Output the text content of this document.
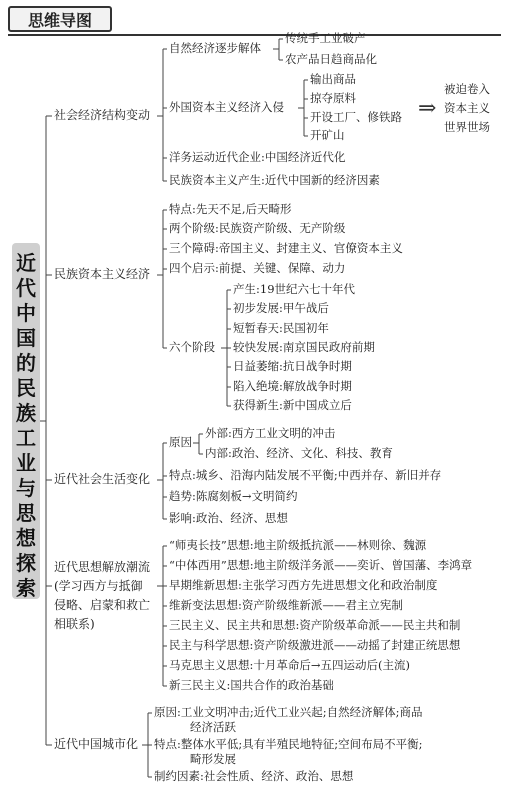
思维导图
近
代
中
国
的
民
族
工
业
与
思
想
探
索
社会经济结构变动
自然经济逐步解体
传统手工业破产
农产品日趋商品化
外国资本主义经济入侵
输出商品
掠夺原料
开设工厂、修铁路
开矿山
⇒
被迫卷入
资本主义
世界世场
洋务运动近代企业:中国经济近代化
民族资本主义产生:近代中国新的经济因素
民族资本主义经济
特点:先天不足,后天畸形
两个阶级:民族资产阶级、无产阶级
三个障碍:帝国主义、封建主义、官僚资本主义
四个启示:前提、关键、保障、动力
六个阶段
产生:19世纪六七十年代
初步发展:甲午战后
短暂春天:民国初年
较快发展:南京国民政府前期
日益萎缩:抗日战争时期
陷入绝境:解放战争时期
获得新生:新中国成立后
近代社会生活变化
原因
外部:西方工业文明的冲击
内部:政治、经济、文化、科技、教育
特点:城乡、沿海内陆发展不平衡;中西并存、新旧并存
趋势:陈腐刻板→文明简约
影响:政治、经济、思想
近代思想解放潮流
(学习西方与抵御
侵略、启蒙和救亡
相联系)
“师夷长技”思想:地主阶级抵抗派——林则徐、魏源
“中体西用”思想:地主阶级洋务派——奕䜣、曾国藩、李鸿章
早期维新思想:主张学习西方先进思想文化和政治制度
维新变法思想:资产阶级维新派——君主立宪制
三民主义、民主共和思想:资产阶级革命派——民主共和制
民主与科学思想:资产阶级激进派——动摇了封建正统思想
马克思主义思想:十月革命后→五四运动后(主流)
新三民主义:国共合作的政治基础
近代中国城市化
原因:工业文明冲击;近代工业兴起;自然经济解体;商品
经济活跃
特点:整体水平低;具有半殖民地特征;空间布局不平衡;
畸形发展
制约因素:社会性质、经济、政治、思想
